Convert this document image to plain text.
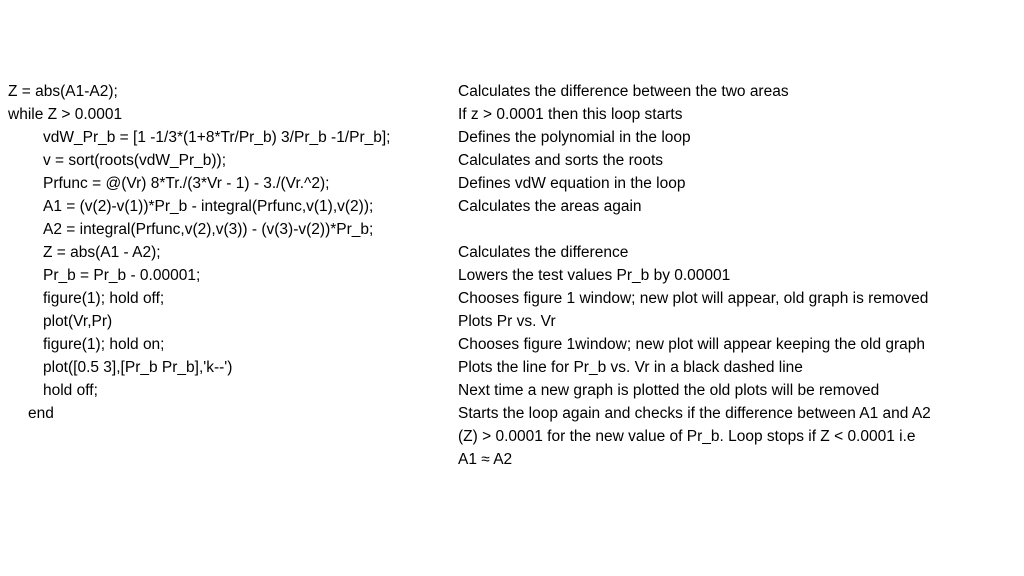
Z = abs(A1-A2);
while Z > 0.0001
vdW_Pr_b = [1 -1/3*(1+8*Tr/Pr_b) 3/Pr_b -1/Pr_b];
v = sort(roots(vdW_Pr_b));
Prfunc = @(Vr) 8*Tr./(3*Vr - 1) - 3./(Vr.^2);
A1 = (v(2)-v(1))*Pr_b - integral(Prfunc,v(1),v(2));
A2 = integral(Prfunc,v(2),v(3)) - (v(3)-v(2))*Pr_b;
Z = abs(A1 - A2);
Pr_b = Pr_b - 0.00001;
figure(1); hold off;
plot(Vr,Pr)
figure(1); hold on;
plot([0.5 3],[Pr_b Pr_b],'k--')
hold off;
end
Calculates the difference between the two areas
If z > 0.0001 then this loop starts
Defines the polynomial in the loop
Calculates and sorts the roots
Defines vdW equation in the loop
Calculates the areas again
Calculates the difference
Lowers the test values Pr_b by 0.00001
Chooses figure 1 window; new plot will appear, old graph is removed
Plots Pr vs. Vr
Chooses figure 1window; new plot will appear keeping the old graph
Plots the line for Pr_b vs. Vr in a black dashed line
Next time a new graph is plotted the old plots will be removed
Starts the loop again and checks if the difference between A1 and A2
(Z) > 0.0001 for the new value of Pr_b. Loop stops if Z < 0.0001 i.e
A1 ≈ A2
